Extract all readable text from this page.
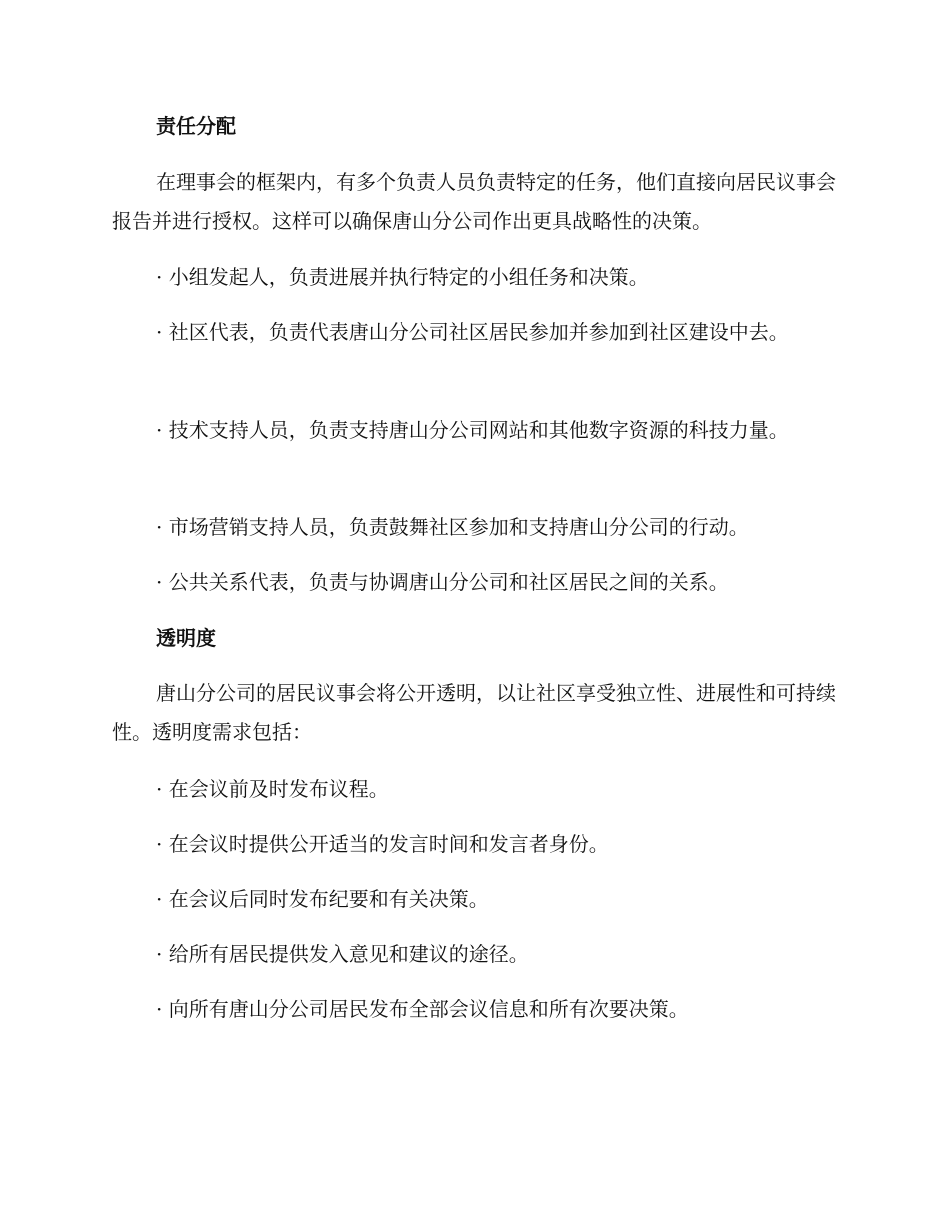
责任分配

在理事会的框架内，有多个负责人员负责特定的任务，他们直接向居民议事会报告并进行授权。这样可以确保唐山分公司作出更具战略性的决策。

· 小组发起人，负责进展并执行特定的小组任务和决策。

· 社区代表，负责代表唐山分公司社区居民参加并参加到社区建设中去。

· 技术支持人员，负责支持唐山分公司网站和其他数字资源的科技力量。

· 市场营销支持人员，负责鼓舞社区参加和支持唐山分公司的行动。

· 公共关系代表，负责与协调唐山分公司和社区居民之间的关系。

透明度

唐山分公司的居民议事会将公开透明，以让社区享受独立性、进展性和可持续性。透明度需求包括：

· 在会议前及时发布议程。

· 在会议时提供公开适当的发言时间和发言者身份。

· 在会议后同时发布纪要和有关决策。

· 给所有居民提供发入意见和建议的途径。

· 向所有唐山分公司居民发布全部会议信息和所有次要决策。
